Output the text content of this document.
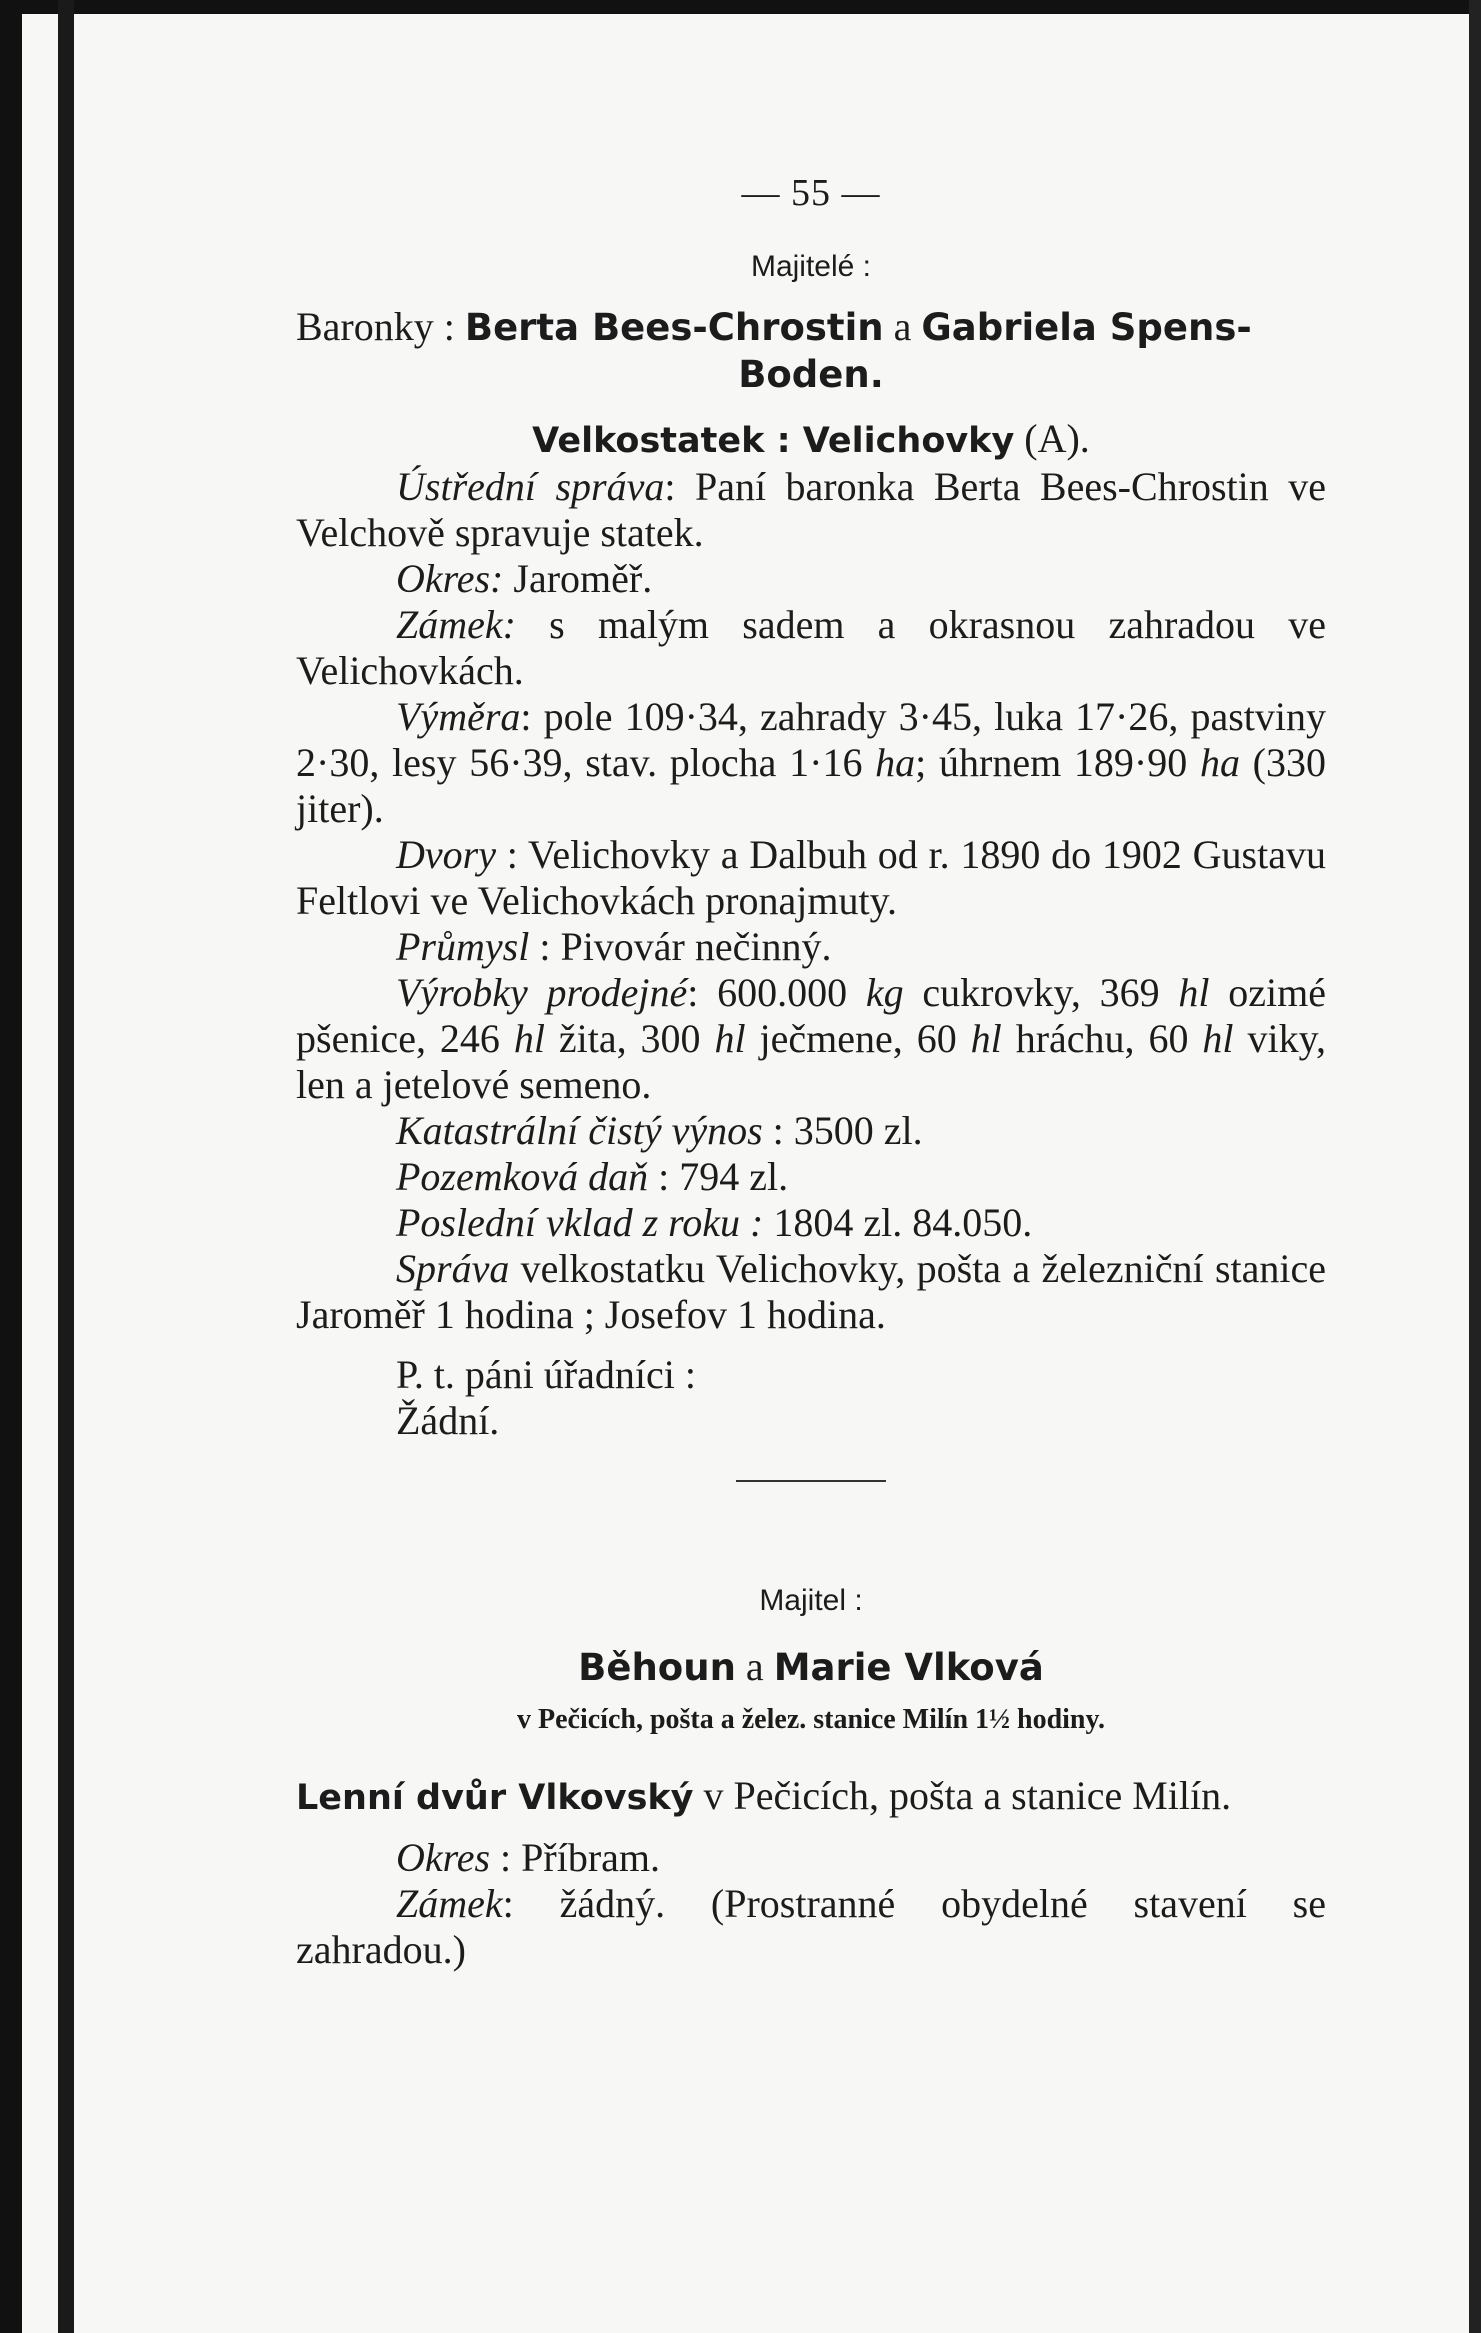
— 55 —
Majitelé :

Baronky : Berta Bees-Chrostin a Gabriela Spens-

Boden.
Velkostatek : Velichovky (A).

Ústřední správa: Paní baronka Berta Bees-Chrostin ve Velchově spravuje statek.

Okres: Jaroměř.

Zámek: s malým sadem a okrasnou zahradou ve Velichovkách.

Výměra: pole 109·34, zahrady 3·45, luka 17·26, pastviny 2·30, lesy 56·39, stav. plocha 1·16 ha; úhrnem 189·90 ha (330 jiter).

Dvory : Velichovky a Dalbuh od r. 1890 do 1902 Gustavu Feltlovi ve Velichovkách pronajmuty.

Průmysl : Pivovár nečinný.

Výrobky prodejné: 600.000 kg cukrovky, 369 hl ozimé pšenice, 246 hl žita, 300 hl ječmene, 60 hl hráchu, 60 hl viky, len a jetelové semeno.

Katastrální čistý výnos : 3500 zl.

Pozemková daň : 794 zl.

Poslední vklad z roku : 1804 zl. 84.050.

Správa velkostatku Velichovky, pošta a železniční stanice Jaroměř 1 hodina ; Josefov 1 hodina.

P. t. páni úřadníci :
Žádní.
Majitel :
Běhoun a Marie Vlková
v Pečicích, pošta a želez. stanice Milín 1½ hodiny.

Lenní dvůr Vlkovský v Pečicích, pošta a stanice Milín.

Okres : Příbram.

Zámek: žádný. (Prostranné obydelné stavení se zahradou.)
